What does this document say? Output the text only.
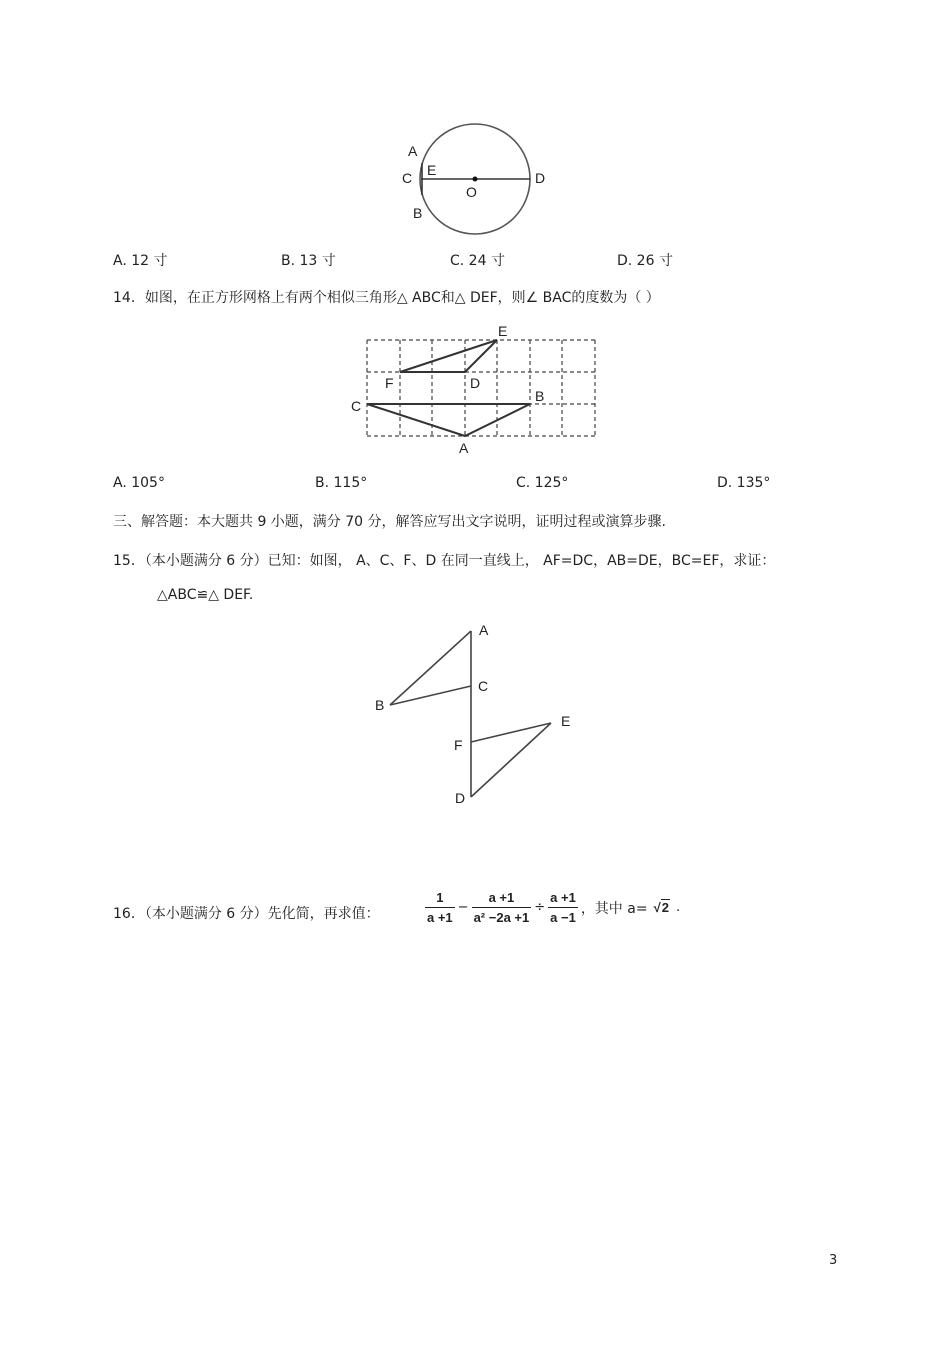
A
C E
B
O
D
A. 12 寸	B. 13 寸	C. 24 寸	D. 26 寸
14．如图，在正方形网格上有两个相似三角形△ ABC和△ DEF，则∠ BAC的度数为（ ）
E
F	D
C
B
A
A. 105°	B. 115°	C. 125°	D. 135°
三、解答题：本大题共 9 小题，满分 70 分，解答应写出文字说明，证明过程或演算步骤.
15．（本小题满分 6 分）已知：如图， A、C、F、D 在同一直线上， AF=DC，AB=DE，BC=EF，求证：
△ABC≌△ DEF.
A
C
B
E
F
D
16．（本小题满分 6 分）先化简，再求值：	$\frac{1}{a +1} - \frac{a +1}{\text{a² −2a +1}} \div \frac{a +1}{a -1}$ ，其中 a= √2 .
3
